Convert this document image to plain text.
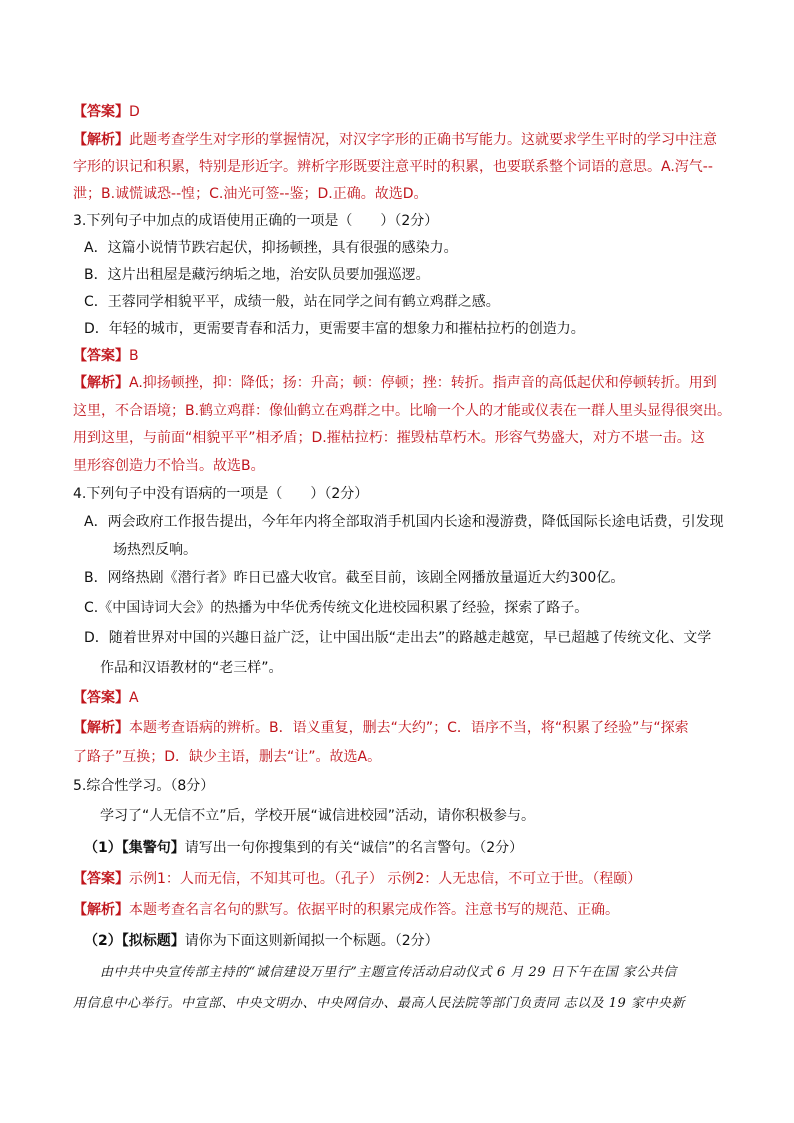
【答案】D
【解析】此题考查学生对字形的掌握情况，对汉字字形的正确书写能力。这就要求学生平时的学习中注意
字形的识记和积累，特别是形近字。辨析字形既要注意平时的积累，也要联系整个词语的意思。A.泻气--
泄；B.诚慌诚恐--惶；C.油光可签--鉴；D.正确。故选D。
3.下列句子中加点的成语使用正确的一项是（　　）（2分）
A．这篇小说情节跌宕起伏，抑扬顿挫，具有很强的感染力。
B．这片出租屋是藏污纳垢之地，治安队员要加强巡逻。
C．王蓉同学相貌平平，成绩一般，站在同学之间有鹤立鸡群之感。
D．年轻的城市，更需要青春和活力，更需要丰富的想象力和摧枯拉朽的创造力。
【答案】B
【解析】A.抑扬顿挫，抑：降低；扬：升高；顿：停顿；挫：转折。指声音的高低起伏和停顿转折。用到
这里，不合语境；B.鹤立鸡群：像仙鹤立在鸡群之中。比喻一个人的才能或仪表在一群人里头显得很突出。
用到这里，与前面“相貌平平”相矛盾；D.摧枯拉朽：摧毁枯草朽木。形容气势盛大，对方不堪一击。这
里形容创造力不恰当。故选B。
4.下列句子中没有语病的一项是（　　）（2分）
A．两会政府工作报告提出，今年年内将全部取消手机国内长途和漫游费，降低国际长途电话费，引发现
场热烈反响。
B．网络热剧《潜行者》昨日已盛大收官。截至目前，该剧全网播放量逼近大约300亿。
C.《中国诗词大会》的热播为中华优秀传统文化进校园积累了经验，探索了路子。
D．随着世界对中国的兴趣日益广泛，让中国出版“走出去”的路越走越宽，早已超越了传统文化、文学
作品和汉语教材的“老三样”。
【答案】A
【解析】本题考查语病的辨析。B．语义重复，删去“大约”；C．语序不当，将“积累了经验”与“探索
了路子”互换；D．缺少主语，删去“让”。故选A。
5.综合性学习。（8分）
学习了“人无信不立”后，学校开展“诚信进校园”活动，请你积极参与。
（1）【集警句】请写出一句你搜集到的有关“诚信”的名言警句。（2分）
【答案】示例1：人而无信，不知其可也。（孔子） 示例2：人无忠信，不可立于世。（程颐）
【解析】本题考查名言名句的默写。依据平时的积累完成作答。注意书写的规范、正确。
（2）【拟标题】请你为下面这则新闻拟一个标题。（2分）
由中共中央宣传部主持的“诚信建设万里行”主题宣传活动启动仪式 6 月 29 日下午在国 家公共信
用信息中心举行。中宣部、中央文明办、中央网信办、最高人民法院等部门负责同 志以及 19 家中央新
